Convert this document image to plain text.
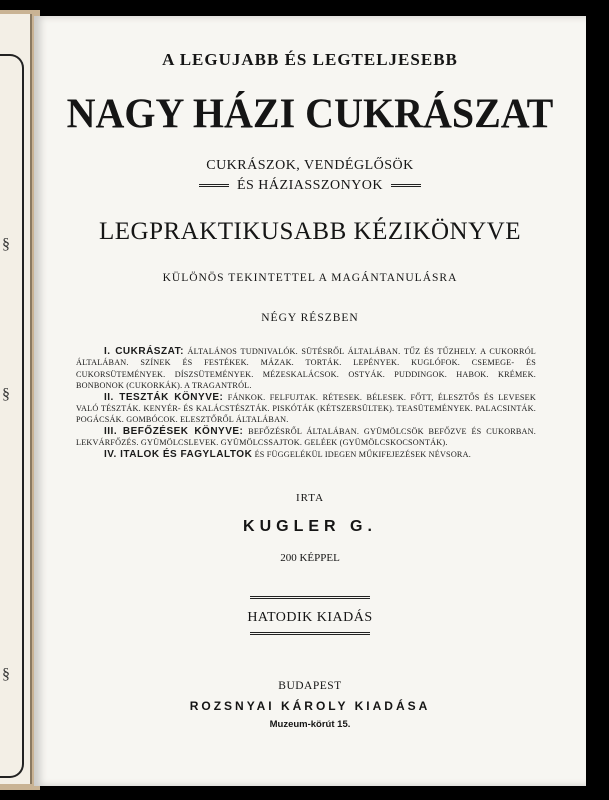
§
§
§
A LEGUJABB ÉS LEGTELJESEBB
NAGY HÁZI CUKRÁSZAT
CUKRÁSZOK, VENDÉGLŐSÖK
ÉS HÁZIASSZONYOK
LEGPRAKTIKUSABB KÉZIKÖNYVE
KÜLÖNÖS TEKINTETTEL A MAGÁNTANULÁSRA
NÉGY RÉSZBEN

I. CUKRÁSZAT: ÁLTALÁNOS TUDNIVALÓK. SÜTÉSRŐL ÁLTALÁBAN. TŰZ ÉS TŰZHELY. A CUKORRÓL ÁLTALÁBAN. SZÍNEK ÉS FESTÉKEK. MÁZAK. TORTÁK. LEPÉNYEK. KUGLÓFOK. CSEMEGE- ÉS CUKORSÜTEMÉNYEK. DÍSZSÜTEMÉNYEK. MÉZESKALÁCSOK. OSTYÁK. PUDDINGOK. HABOK. KRÉMEK. BONBONOK (CUKORKÁK). A TRAGANTRÓL.

II. TESZTÁK KÖNYVE: FÁNKOK. FELFUJTAK. RÉTESEK. BÉLESEK. FŐTT, ÉLESZTŐS ÉS LEVESEK VALÓ TÉSZTÁK. KENYÉR- ÉS KALÁCSTÉSZTÁK. PISKÓTÁK (KÉTSZERSÜLTEK). TEASÜTEMÉNYEK. PALACSINTÁK. POGÁCSÁK. GOMBÓCOK. ELESZTŐRŐL ÁLTALÁBAN.

III. BEFŐZÉSEK KÖNYVE: BEFŐZÉSRŐL ÁLTALÁBAN. GYÜMÖLCSÖK BEFŐZVE ÉS CUKORBAN. LEKVÁRFŐZÉS. GYÜMÖLCSLEVEK. GYÜMÖLCSSAJTOK. GELÉEK (GYÜMÖLCSKOCSONTÁK).

IV. ITALOK ÉS FAGYLALTOK ÉS FÜGGELÉKÜL IDEGEN MŰKIFEJEZÉSEK NÉVSORA.

IRTA
KUGLER G.
200 KÉPPEL
HATODIK KIADÁS
BUDAPEST
ROZSNYAI KÁROLY KIADÁSA
Muzeum-körút 15.
